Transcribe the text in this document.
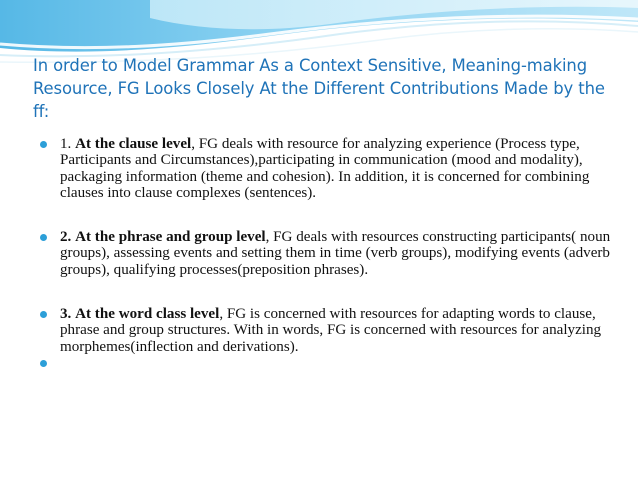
In order to Model Grammar As a Context Sensitive, Meaning-making Resource, FG Looks Closely At the Different Contributions Made by the ff:
1. At the clause level, FG deals with resource for analyzing experience (Process type, Participants and Circumstances),participating in communication (mood and modality), packaging information (theme and cohesion). In addition, it is concerned for combining clauses into clause complexes (sentences).
2. At the phrase and group level, FG deals with resources constructing participants( noun groups), assessing events and setting them in time (verb groups), modifying events (adverb groups), qualifying processes(preposition phrases).
3. At the word class level, FG is concerned with resources for adapting words to clause, phrase and group structures. With in words, FG is concerned with resources for analyzing morphemes(inflection and derivations).
